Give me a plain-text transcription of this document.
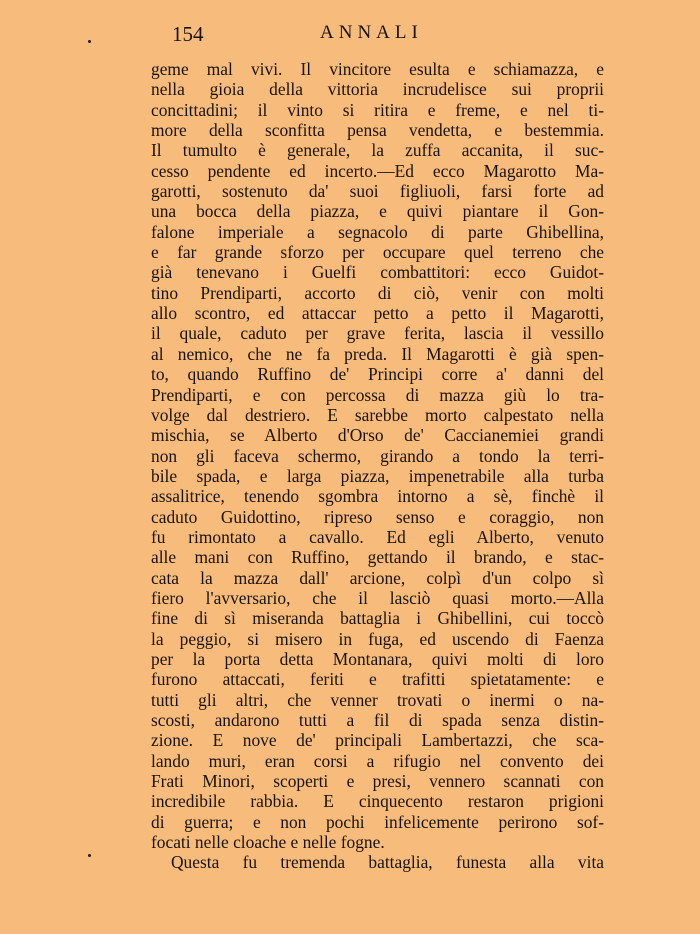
154	ANNALI
geme mal vivi. Il vincitore esulta e schiamazza, e
nella gioia della vittoria incrudelisce sui proprii
concittadini; il vinto si ritira e freme, e nel ti-
more della sconfitta pensa vendetta, e bestemmia.
Il tumulto è generale, la zuffa accanita, il suc-
cesso pendente ed incerto.—Ed ecco Magarotto Ma-
garotti, sostenuto da' suoi figliuoli, farsi forte ad
una bocca della piazza, e quivi piantare il Gon-
falone imperiale a segnacolo di parte Ghibellina,
e far grande sforzo per occupare quel terreno che
già tenevano i Guelfi combattitori: ecco Guidot-
tino Prendiparti, accorto di ciò, venir con molti
allo scontro, ed attaccar petto a petto il Magarotti,
il quale, caduto per grave ferita, lascia il vessillo
al nemico, che ne fa preda. Il Magarotti è già spen-
to, quando Ruffino de' Principi corre a' danni del
Prendiparti, e con percossa di mazza giù lo tra-
volge dal destriero. E sarebbe morto calpestato nella
mischia, se Alberto d'Orso de' Caccianemiei grandi
non gli faceva schermo, girando a tondo la terri-
bile spada, e larga piazza, impenetrabile alla turba
assalitrice, tenendo sgombra intorno a sè, finchè il
caduto Guidottino, ripreso senso e coraggio, non
fu rimontato a cavallo. Ed egli Alberto, venuto
alle mani con Ruffino, gettando il brando, e stac-
cata la mazza dall' arcione, colpì d'un colpo sì
fiero l'avversario, che il lasciò quasi morto.—Alla
fine di sì miseranda battaglia i Ghibellini, cui toccò
la peggio, si misero in fuga, ed uscendo di Faenza
per la porta detta Montanara, quivi molti di loro
furono attaccati, feriti e trafitti spietatamente: e
tutti gli altri, che venner trovati o inermi o na-
scosti, andarono tutti a fil di spada senza distin-
zione. E nove de' principali Lambertazzi, che sca-
lando muri, eran corsi a rifugio nel convento dei
Frati Minori, scoperti e presi, vennero scannati con
incredibile rabbia. E cinquecento restaron prigioni
di guerra; e non pochi infelicemente perirono sof-
focati nelle cloache e nelle fogne.
Questa fu tremenda battaglia, funesta alla vita
